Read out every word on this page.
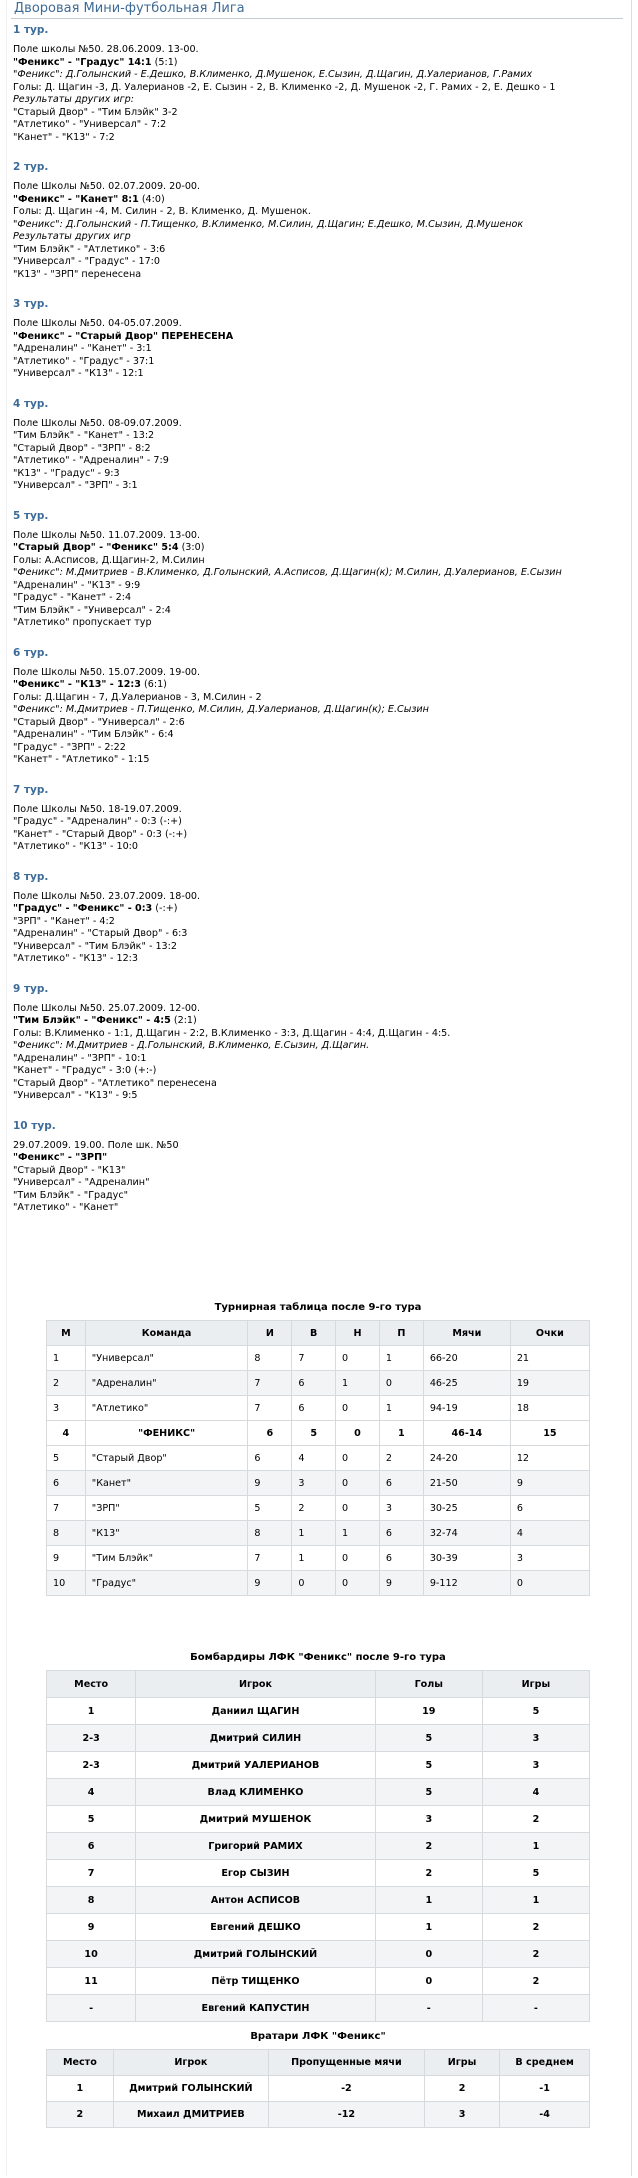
Дворовая Мини-футбольная Лига
1 тур.
Поле школы №50. 28.06.2009. 13-00.
"Феникс" - "Градус" 14:1 (5:1)
"Феникс": Д.Голынский - Е.Дешко, В.Клименко, Д.Мушенок, Е.Сызин, Д.Щагин, Д.Уалерианов, Г.Рамих
Голы: Д. Щагин -3, Д. Уалерианов -2, Е. Сызин - 2, В. Клименко -2, Д. Мушенок -2, Г. Рамих - 2, Е. Дешко - 1
Результаты других игр:
"Старый Двор" - "Тим Блэйк" 3-2
"Атлетико" - "Универсал" - 7:2
"Канет" - "К13" - 7:2
2 тур.
Поле Школы №50. 02.07.2009. 20-00.
"Феникс" - "Канет" 8:1 (4:0)
Голы: Д. Щагин -4, М. Силин - 2, В. Клименко, Д. Мушенок.
"Феникс": Д.Голынский - П.Тищенко, В.Клименко, М.Силин, Д.Щагин; Е.Дешко, М.Сызин, Д.Мушенок
Результаты других игр
"Тим Блэйк" - "Атлетико" - 3:6
"Универсал" - "Градус" - 17:0
"К13" - "ЗРП" перенесена
3 тур.
Поле Школы №50. 04-05.07.2009.
"Феникс" - "Старый Двор" ПЕРЕНЕСЕНА
"Адреналин" - "Канет" - 3:1
"Атлетико" - "Градус" - 37:1
"Универсал" - "К13" - 12:1
4 тур.
Поле Школы №50. 08-09.07.2009.
"Тим Блэйк" - "Канет" - 13:2
"Старый Двор" - "ЗРП" - 8:2
"Атлетико" - "Адреналин" - 7:9
"К13" - "Градус" - 9:3
"Универсал" - "ЗРП" - 3:1
5 тур.
Поле Школы №50. 11.07.2009. 13-00.
"Старый Двор" - "Феникс" 5:4 (3:0)
Голы: А.Асписов, Д.Щагин-2, М.Силин
"Феникс": М.Дмитриев - В.Клименко, Д.Голынский, А.Асписов, Д.Щагин(к); М.Силин, Д.Уалерианов, Е.Сызин
"Адреналин" - "К13" - 9:9
"Градус" - "Канет" - 2:4
"Тим Блэйк" - "Универсал" - 2:4
"Атлетико" пропускает тур
6 тур.
Поле Школы №50. 15.07.2009. 19-00.
"Феникс" - "К13" - 12:3 (6:1)
Голы: Д.Щагин - 7, Д.Уалерианов - 3, М.Силин - 2
"Феникс": М.Дмитриев - П.Тищенко, М.Силин, Д.Уалерианов, Д.Щагин(к); Е.Сызин
"Старый Двор" - "Универсал" - 2:6
"Адреналин" - "Тим Блэйк" - 6:4
"Градус" - "ЗРП" - 2:22
"Канет" - "Атлетико" - 1:15
7 тур.
Поле Школы №50. 18-19.07.2009.
"Градус" - "Адреналин" - 0:3 (-:+)
"Канет" - "Старый Двор" - 0:3 (-:+)
"Атлетико" - "К13" - 10:0
8 тур.
Поле Школы №50. 23.07.2009. 18-00.
"Градус" - "Феникс" - 0:3 (-:+)
"ЗРП" - "Канет" - 4:2
"Адреналин" - "Старый Двор" - 6:3
"Универсал" - "Тим Блэйк" - 13:2
"Атлетико" - "К13" - 12:3
9 тур.
Поле Школы №50. 25.07.2009. 12-00.
"Тим Блэйк" - "Феникс" - 4:5 (2:1)
Голы: В.Клименко - 1:1, Д.Щагин - 2:2, В.Клименко - 3:3, Д.Щагин - 4:4, Д.Щагин - 4:5.
"Феникс": М.Дмитриев - Д.Голынский, В.Клименко, Е.Сызин, Д.Щагин.
"Адреналин" - "ЗРП" - 10:1
"Канет" - "Градус" - 3:0 (+:-)
"Старый Двор" - "Атлетико" перенесена
"Универсал" - "К13" - 9:5
10 тур.
29.07.2009. 19.00. Поле шк. №50
"Феникс" - "ЗРП"
"Старый Двор" - "К13"
"Универсал" - "Адреналин"
"Тим Блэйк" - "Градус"
"Атлетико" - "Канет"
Турнирная таблица после 9-го тура
М	Команда	И	В	Н	П	Мячи	Очки
1	"Универсал"	8	7	0	1	66-20	21
2	"Адреналин"	7	6	1	0	46-25	19
3	"Атлетико"	7	6	0	1	94-19	18
4	"ФЕНИКС"	6	5	0	1	46-14	15
5	"Старый Двор"	6	4	0	2	24-20	12
6	"Канет"	9	3	0	6	21-50	9
7	"ЗРП"	5	2	0	3	30-25	6
8	"К13"	8	1	1	6	32-74	4
9	"Тим Блэйк"	7	1	0	6	30-39	3
10	"Градус"	9	0	0	9	9-112	0
Бомбардиры ЛФК "Феникс" после 9-го тура
Место	Игрок	Голы	Игры
1	Даниил ЩАГИН	19	5
2-3	Дмитрий СИЛИН	5	3
2-3	Дмитрий УАЛЕРИАНОВ	5	3
4	Влад КЛИМЕНКО	5	4
5	Дмитрий МУШЕНОК	3	2
6	Григорий РАМИХ	2	1
7	Егор СЫЗИН	2	5
8	Антон АСПИСОВ	1	1
9	Евгений ДЕШКО	1	2
10	Дмитрий ГОЛЫНСКИЙ	0	2
11	Пётр ТИЩЕНКО	0	2
-	Евгений КАПУСТИН	-	-
Вратари ЛФК "Феникс"
Место	Игрок	Пропущенные мячи	Игры	В среднем
1	Дмитрий ГОЛЫНСКИЙ	-2	2	-1
2	Михаил ДМИТРИЕВ	-12	3	-4
